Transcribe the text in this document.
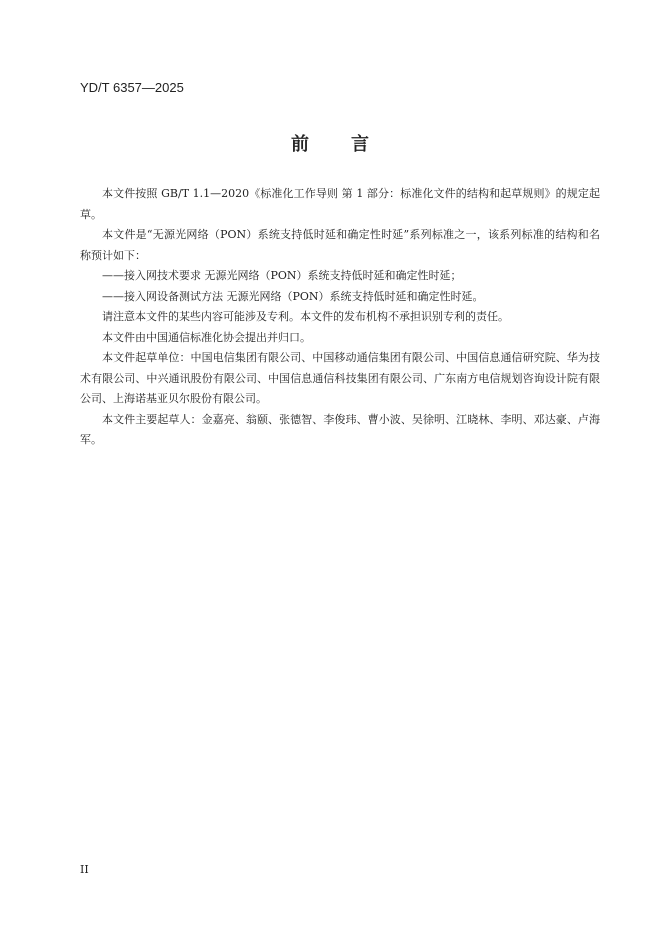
YD/T 6357—2025
前 言

本文件按照 GB/T 1.1—2020《标准化工作导则 第 1 部分：标准化文件的结构和起草规则》的规定起草。

本文件是“无源光网络（PON）系统支持低时延和确定性时延”系列标准之一，该系列标准的结构和名称预计如下：

——接入网技术要求 无源光网络（PON）系统支持低时延和确定性时延；

——接入网设备测试方法 无源光网络（PON）系统支持低时延和确定性时延。

请注意本文件的某些内容可能涉及专利。本文件的发布机构不承担识别专利的责任。

本文件由中国通信标准化协会提出并归口。

本文件起草单位：中国电信集团有限公司、中国移动通信集团有限公司、中国信息通信研究院、华为技术有限公司、中兴通讯股份有限公司、中国信息通信科技集团有限公司、广东南方电信规划咨询设计院有限公司、上海诺基亚贝尔股份有限公司。

本文件主要起草人：金嘉亮、翁颐、张德智、李俊玮、曹小波、吴徐明、江晓林、李明、邓达豪、卢海军。

II
